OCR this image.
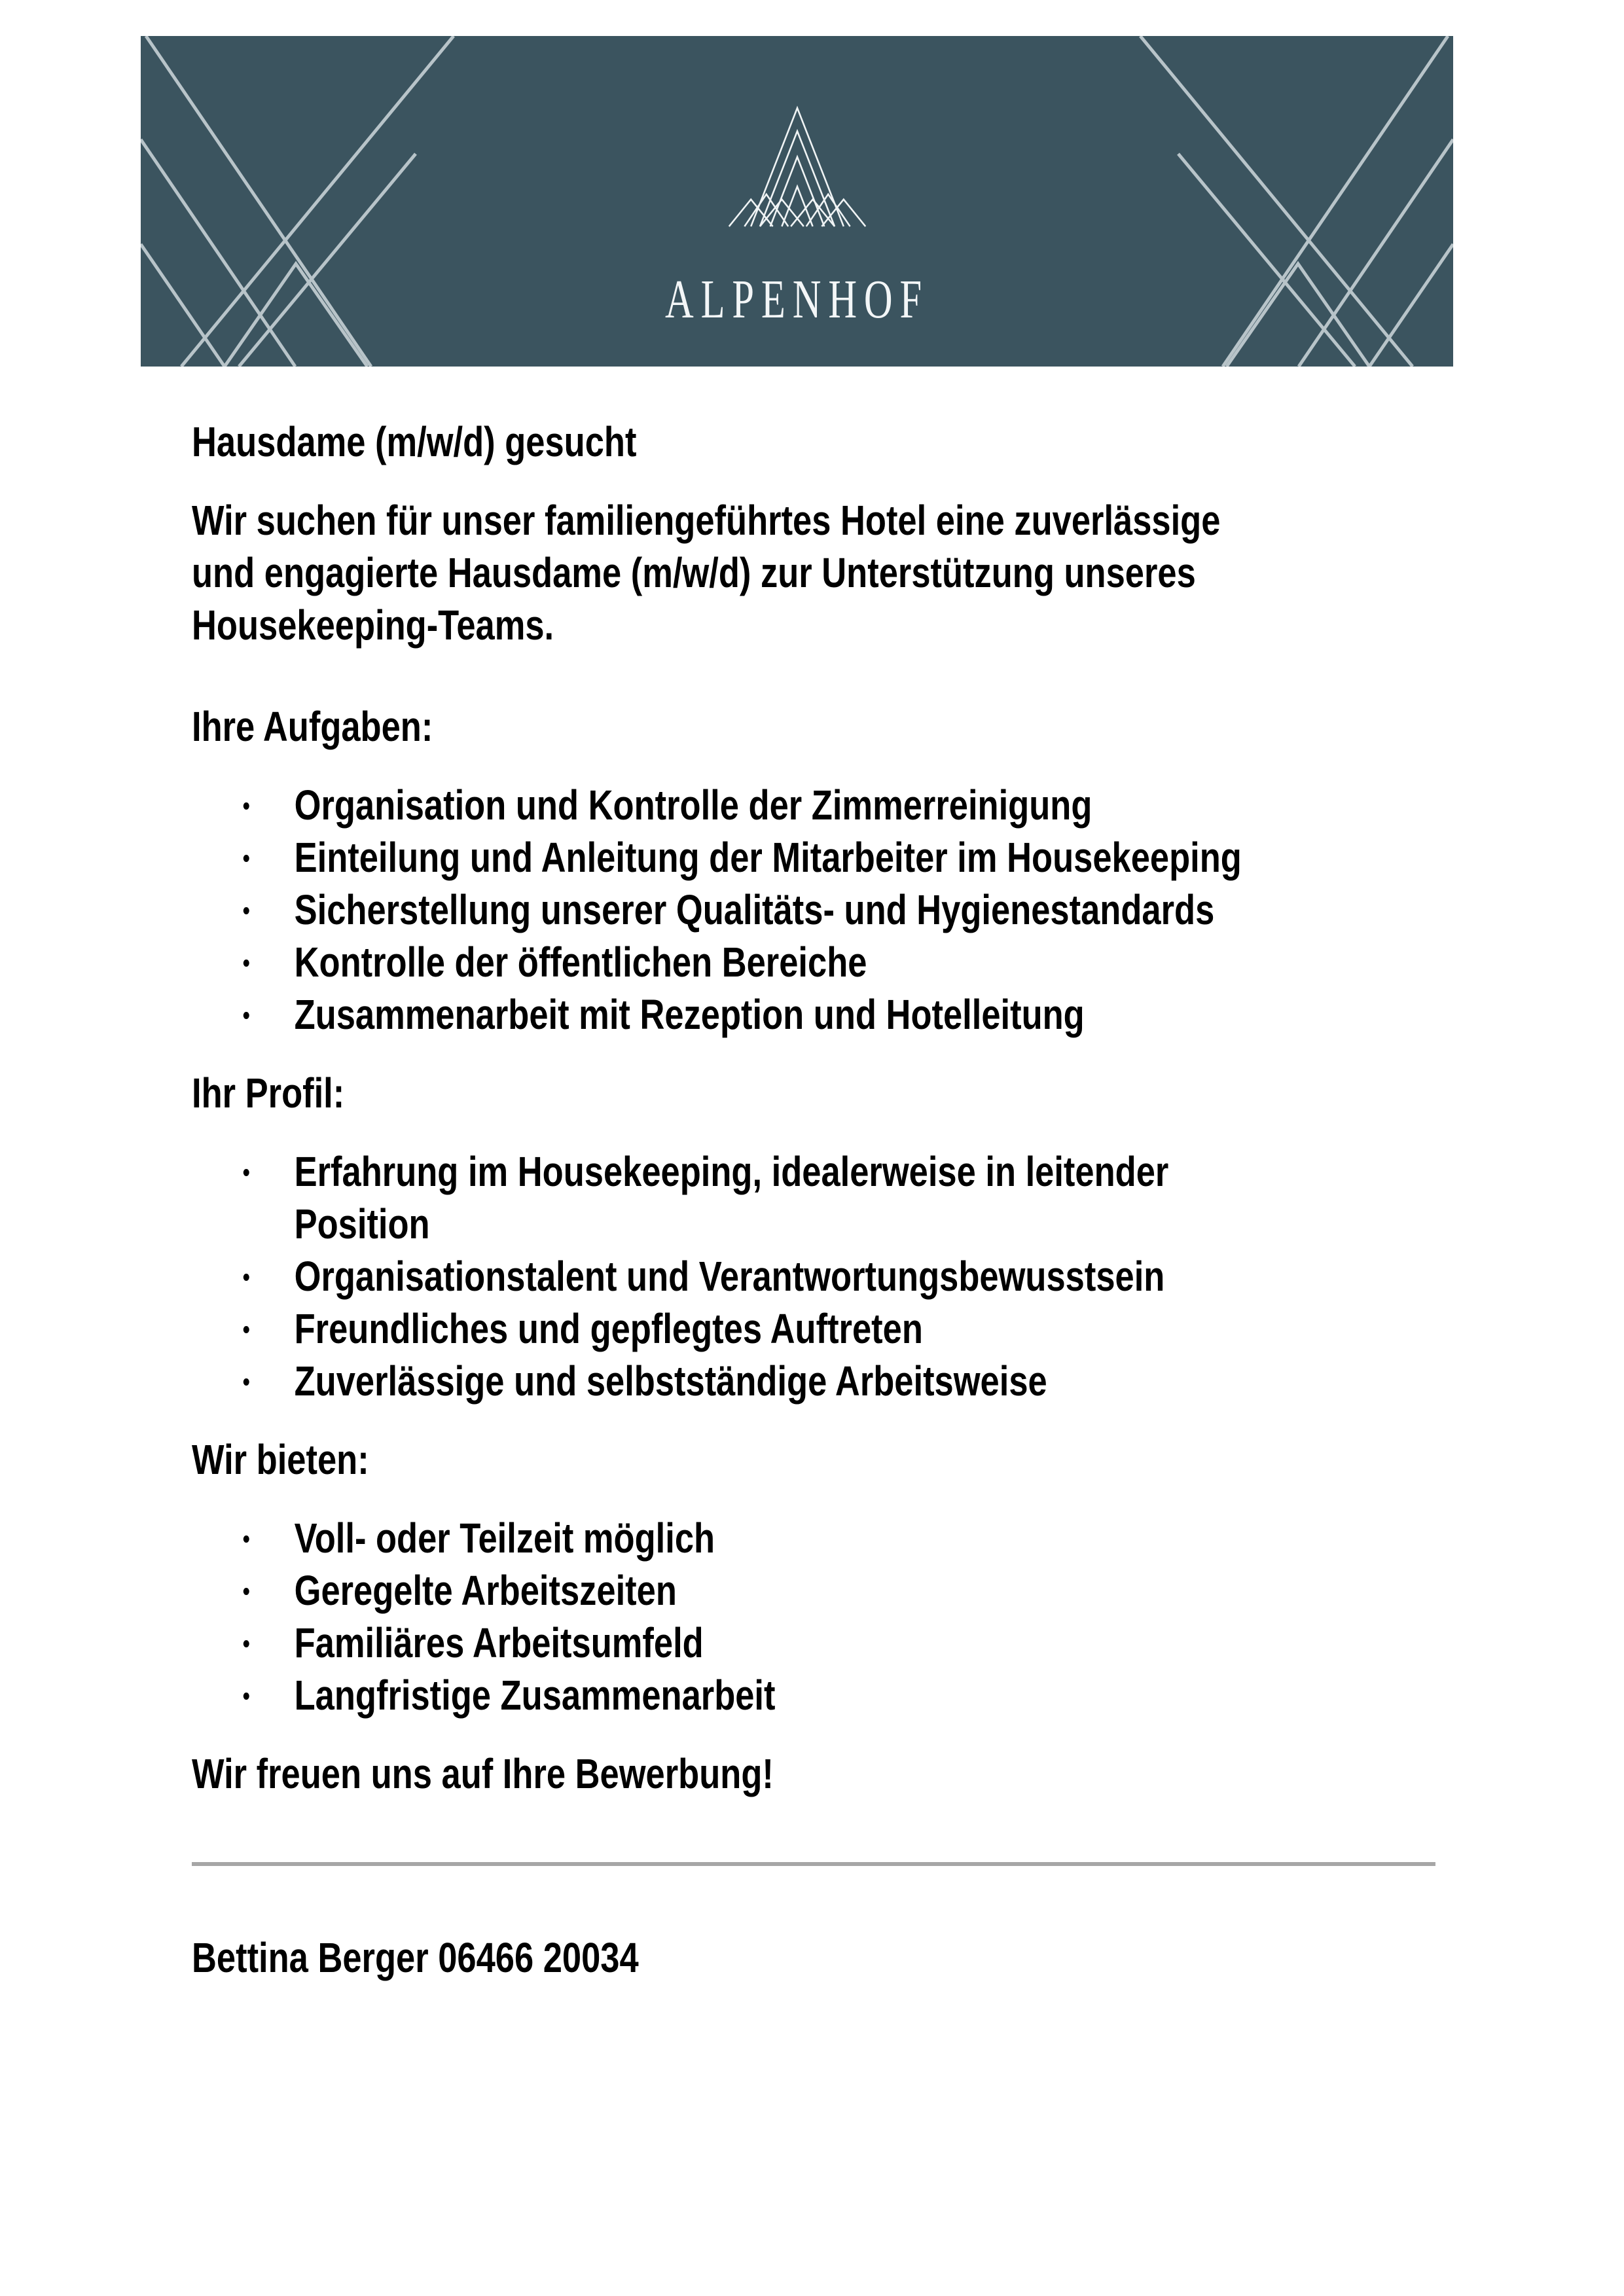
ALPENHOF
Hausdame (m/w/d) gesucht

Wir suchen für unser familiengeführtes Hotel eine zuverlässige
und engagierte Hausdame (m/w/d) zur Unterstützung unseres
Housekeeping-Teams.

Ihre Aufgaben:
Organisation und Kontrolle der Zimmerreinigung
Einteilung und Anleitung der Mitarbeiter im Housekeeping
Sicherstellung unserer Qualitäts- und Hygienestandards
Kontrolle der öffentlichen Bereiche
Zusammenarbeit mit Rezeption und Hotelleitung
Ihr Profil:
Erfahrung im Housekeeping, idealerweise in leitender
Position
Organisationstalent und Verantwortungsbewusstsein
Freundliches und gepflegtes Auftreten
Zuverlässige und selbstständige Arbeitsweise
Wir bieten:
Voll- oder Teilzeit möglich
Geregelte Arbeitszeiten
Familiäres Arbeitsumfeld
Langfristige Zusammenarbeit

Wir freuen uns auf Ihre Bewerbung!

Bettina Berger 06466 20034
